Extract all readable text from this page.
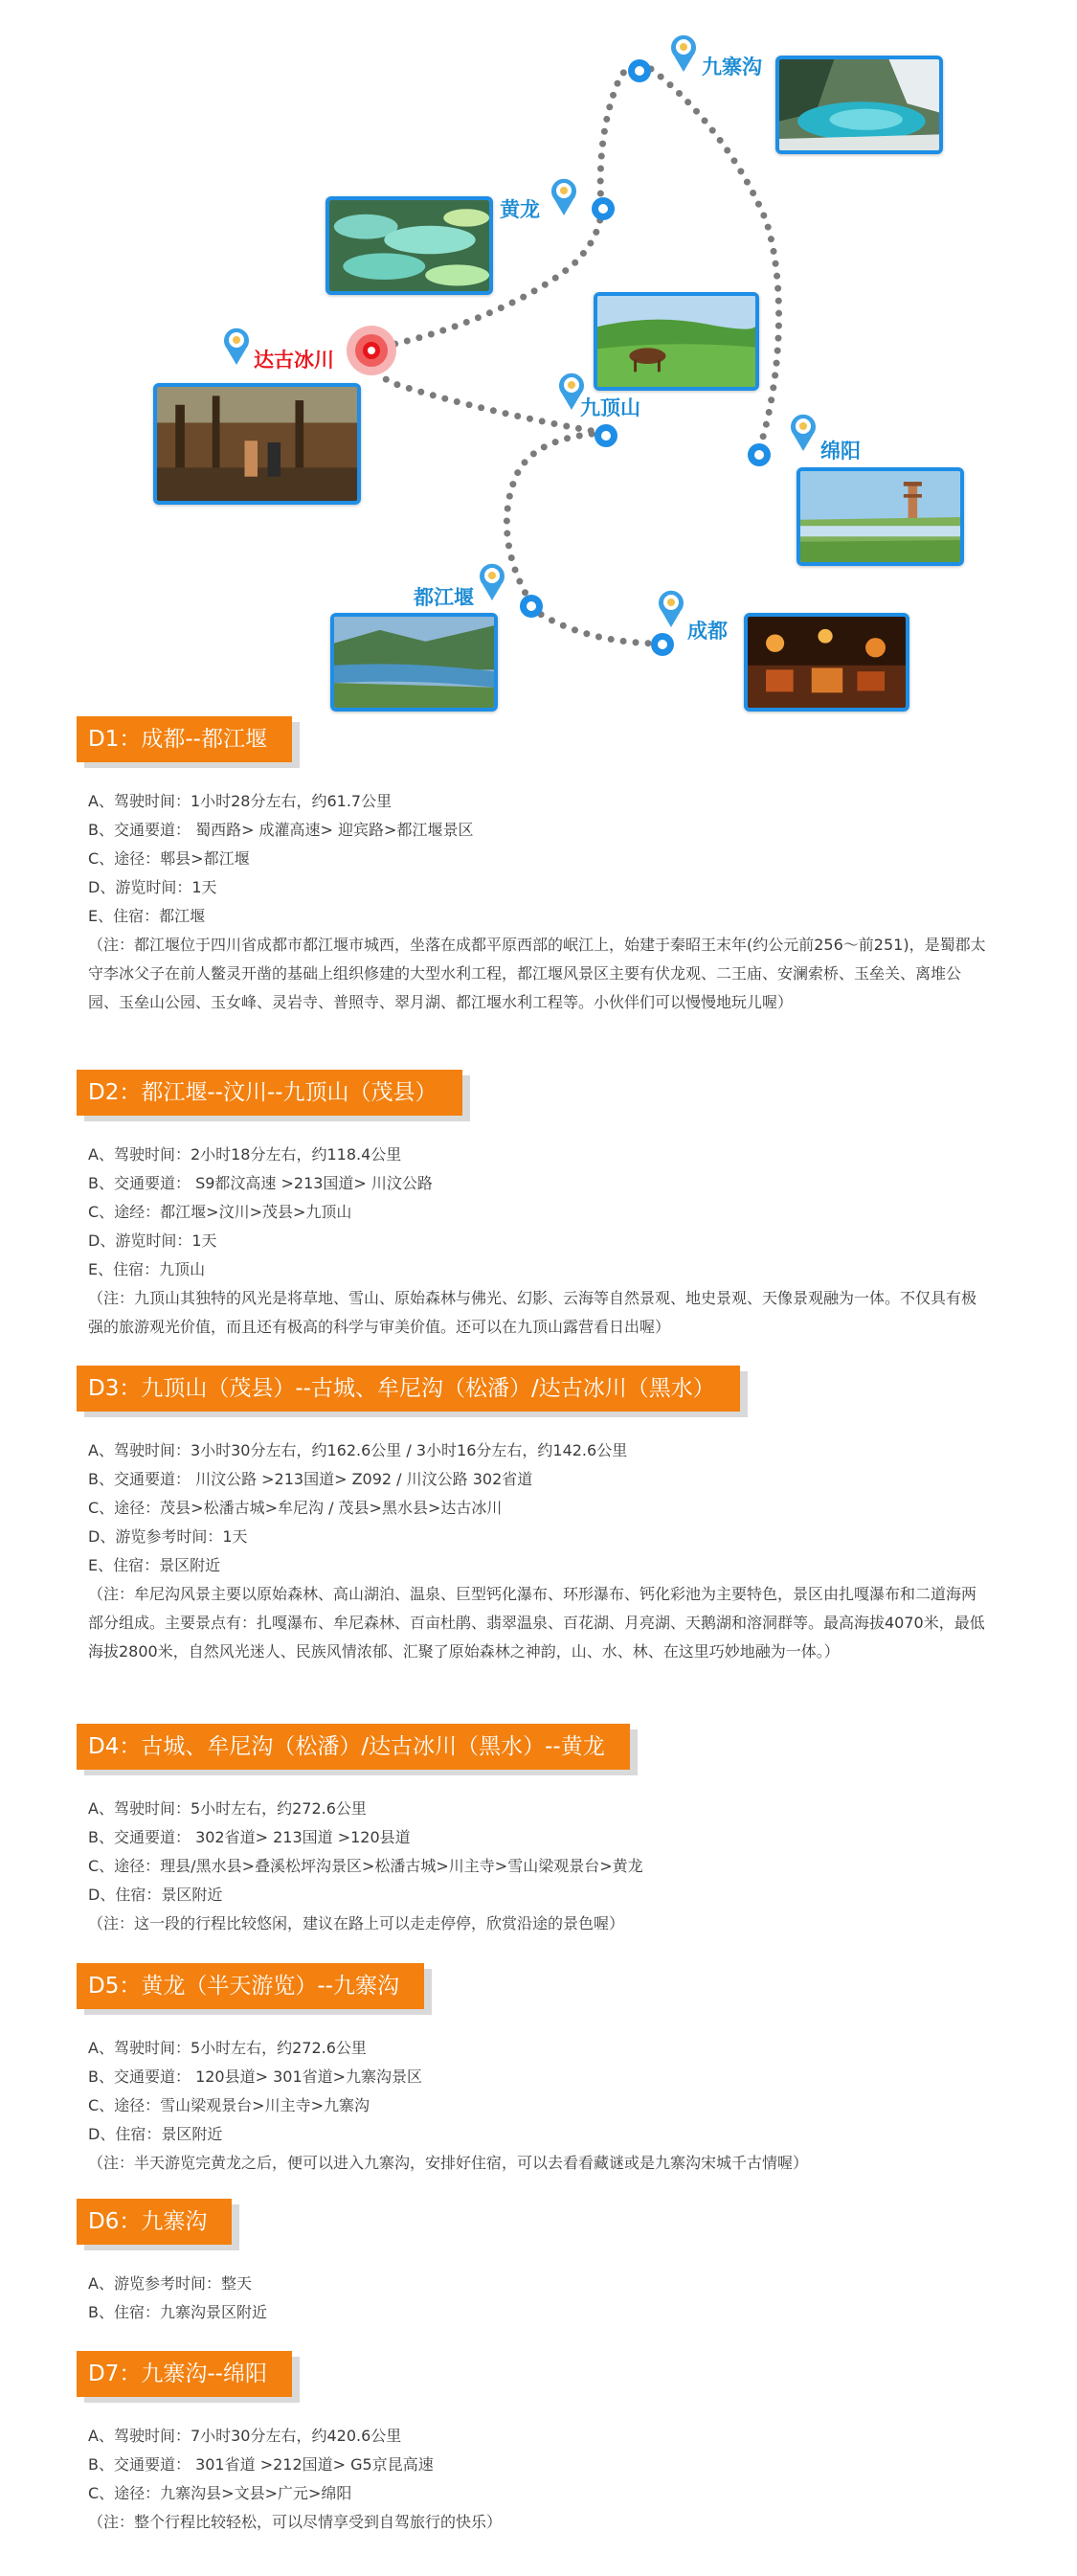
九寨沟
黄龙
达古冰川
九顶山
绵阳
都江堰
成都
D1：成都--都江堰
A、驾驶时间：1小时28分左右，约61.7公里
B、交通要道： 蜀西路> 成灌高速> 迎宾路>都江堰景区
C、途径：郫县>都江堰
D、游览时间：1天
E、住宿：都江堰
（注：都江堰位于四川省成都市都江堰市城西，坐落在成都平原西部的岷江上，始建于秦昭王末年(约公元前256～前251)，是蜀郡太守李冰父子在前人鳖灵开凿的基础上组织修建的大型水利工程，都江堰风景区主要有伏龙观、二王庙、安澜索桥、玉垒关、离堆公园、玉垒山公园、玉女峰、灵岩寺、普照寺、翠月湖、都江堰水利工程等。小伙伴们可以慢慢地玩儿喔）
D2：都江堰--汶川--九顶山（茂县）
A、驾驶时间：2小时18分左右，约118.4公里
B、交通要道： S9都汶高速 >213国道> 川汶公路
C、途经：都江堰>汶川>茂县>九顶山
D、游览时间：1天
E、住宿：九顶山
（注：九顶山其独特的风光是将草地、雪山、原始森林与佛光、幻影、云海等自然景观、地史景观、天像景观融为一体。不仅具有极强的旅游观光价值，而且还有极高的科学与审美价值。还可以在九顶山露营看日出喔）
D3：九顶山（茂县）--古城、牟尼沟（松潘）/达古冰川（黑水）
A、驾驶时间：3小时30分左右，约162.6公里 / 3小时16分左右，约142.6公里
B、交通要道： 川汶公路 >213国道> Z092 / 川汶公路 302省道
C、途径：茂县>松潘古城>牟尼沟 / 茂县>黑水县>达古冰川
D、游览参考时间：1天
E、住宿：景区附近
（注：牟尼沟风景主要以原始森林、高山湖泊、温泉、巨型钙化瀑布、环形瀑布、钙化彩池为主要特色，景区由扎嘎瀑布和二道海两部分组成。主要景点有：扎嘎瀑布、牟尼森林、百亩杜鹃、翡翠温泉、百花湖、月亮湖、天鹅湖和溶洞群等。最高海拔4070米，最低海拔2800米，自然风光迷人、民族风情浓郁、汇聚了原始森林之神韵，山、水、林、在这里巧妙地融为一体。）
D4：古城、牟尼沟（松潘）/达古冰川（黑水）--黄龙
A、驾驶时间：5小时左右，约272.6公里
B、交通要道： 302省道> 213国道 >120县道
C、途径：理县/黑水县>叠溪松坪沟景区>松潘古城>川主寺>雪山梁观景台>黄龙
D、住宿：景区附近
（注：这一段的行程比较悠闲，建议在路上可以走走停停，欣赏沿途的景色喔）
D5：黄龙（半天游览）--九寨沟
A、驾驶时间：5小时左右，约272.6公里
B、交通要道： 120县道> 301省道>九寨沟景区
C、途径：雪山梁观景台>川主寺>九寨沟
D、住宿：景区附近
（注：半天游览完黄龙之后，便可以进入九寨沟，安排好住宿，可以去看看藏谜或是九寨沟宋城千古情喔）
D6：九寨沟
A、游览参考时间：整天
B、住宿：九寨沟景区附近
D7：九寨沟--绵阳
A、驾驶时间：7小时30分左右，约420.6公里
B、交通要道： 301省道 >212国道> G5京昆高速
C、途径：九寨沟县>文县>广元>绵阳
（注：整个行程比较轻松，可以尽情享受到自驾旅行的快乐）
